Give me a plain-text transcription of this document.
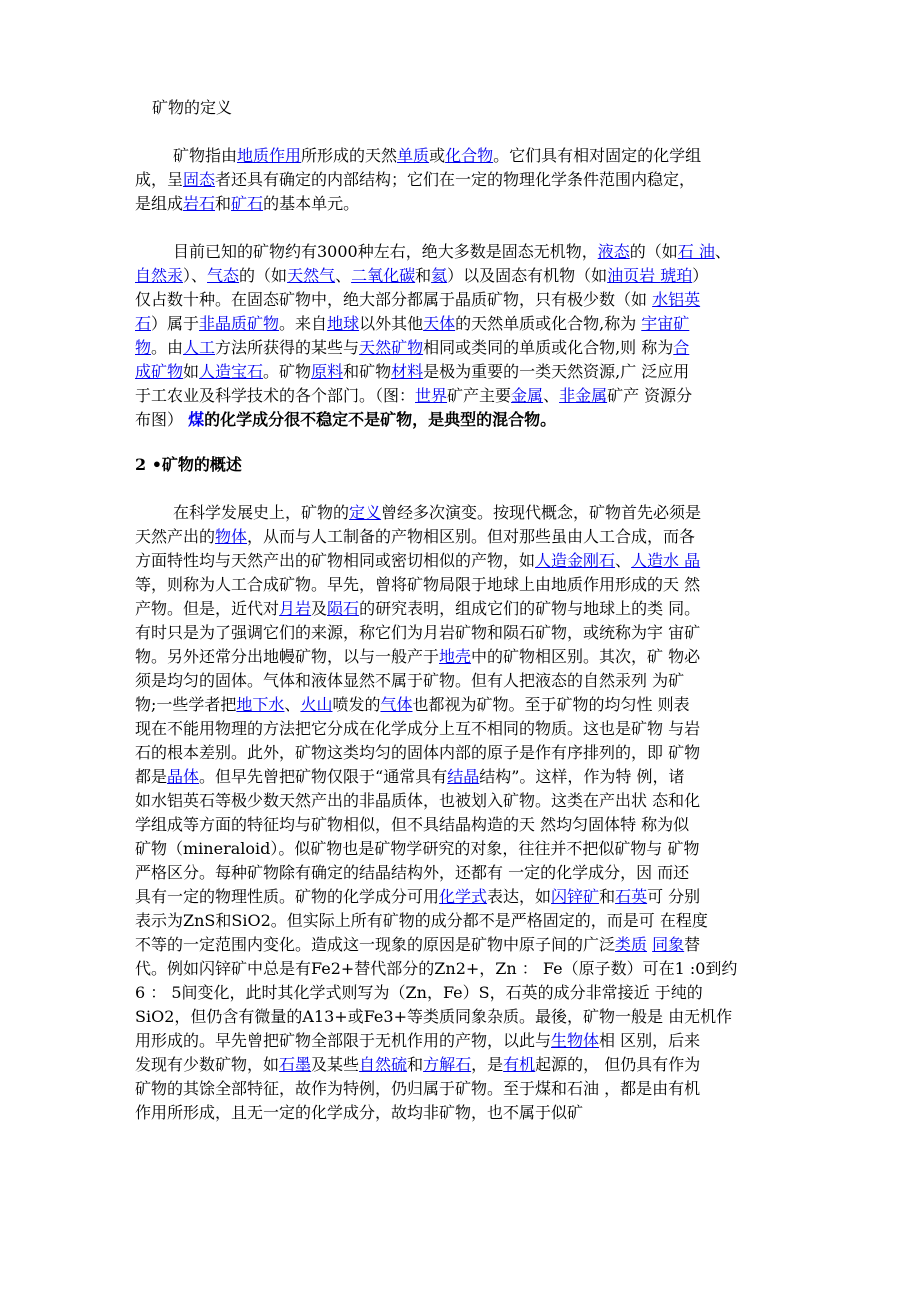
矿物的定义
矿物指由地质作用所形成的天然单质或化合物。它们具有相对固定的化学组
成，呈固态者还具有确定的内部结构；它们在一定的物理化学条件范围内稳定，
是组成岩石和矿石的基本单元。
目前已知的矿物约有3000种左右，绝大多数是固态无机物，液态的（如石 油、
自然汞）、气态的（如天然气、二氧化碳和氦）以及固态有机物（如油页岩 琥珀）
仅占数十种。在固态矿物中，绝大部分都属于晶质矿物，只有极少数（如 水铝英
石）属于非晶质矿物。来自地球以外其他天体的天然单质或化合物,称为 宇宙矿
物。由人工方法所获得的某些与天然矿物相同或类同的单质或化合物,则 称为合
成矿物如人造宝石。矿物原料和矿物材料是极为重要的一类天然资源,广 泛应用
于工农业及科学技术的各个部门。（图：世界矿产主要金属、非金属矿产 资源分
布图） 煤的化学成分很不稳定不是矿物，是典型的混合物。
2 •矿物的概述
在科学发展史上，矿物的定义曾经多次演变。按现代概念，矿物首先必须是
天然产出的物体，从而与人工制备的产物相区别。但对那些虽由人工合成，而各
方面特性均与天然产出的矿物相同或密切相似的产物，如人造金刚石、人造水 晶
等，则称为人工合成矿物。早先，曾将矿物局限于地球上由地质作用形成的天 然
产物。但是，近代对月岩及陨石的研究表明，组成它们的矿物与地球上的类 同。
有时只是为了强调它们的来源，称它们为月岩矿物和陨石矿物，或统称为宇 宙矿
物。另外还常分出地幔矿物，以与一般产于地壳中的矿物相区别。其次，矿 物必
须是均匀的固体。气体和液体显然不属于矿物。但有人把液态的自然汞列 为矿
物;一些学者把地下水、火山喷发的气体也都视为矿物。至于矿物的均匀性 则表
现在不能用物理的方法把它分成在化学成分上互不相同的物质。这也是矿物 与岩
石的根本差别。此外，矿物这类均匀的固体内部的原子是作有序排列的，即 矿物
都是晶体。但早先曾把矿物仅限于“通常具有结晶结构”。这样，作为特 例，诸
如水铝英石等极少数天然产出的非晶质体，也被划入矿物。这类在产出状 态和化
学组成等方面的特征均与矿物相似，但不具结晶构造的天 然均匀固体特 称为似
矿物（mineraloid）。似矿物也是矿物学研究的对象，往往并不把似矿物与 矿物
严格区分。每种矿物除有确定的结晶结构外，还都有 一定的化学成分，因 而还
具有一定的物理性质。矿物的化学成分可用化学式表达，如闪锌矿和石英可 分别
表示为ZnS和SiO2。但实际上所有矿物的成分都不是严格固定的，而是可 在程度
不等的一定范围内变化。造成这一现象的原因是矿物中原子间的广泛类质 同象替
代。例如闪锌矿中总是有Fe2+替代部分的Zn2+，Zn ： Fe（原子数）可在1 :0到约
6 ： 5间变化，此时其化学式则写为（Zn，Fe）S，石英的成分非常接近 于纯的
SiO2，但仍含有微量的A13+或Fe3+等类质同象杂质。最後，矿物一般是 由无机作
用形成的。早先曾把矿物全部限于无机作用的产物，以此与生物体相 区别，后来
发现有少数矿物，如石墨及某些自然硫和方解石，是有机起源的， 但仍具有作为
矿物的其馀全部特征，故作为特例，仍归属于矿物。至于煤和石油 ，都是由有机
作用所形成，且无一定的化学成分，故均非矿物，也不属于似矿
